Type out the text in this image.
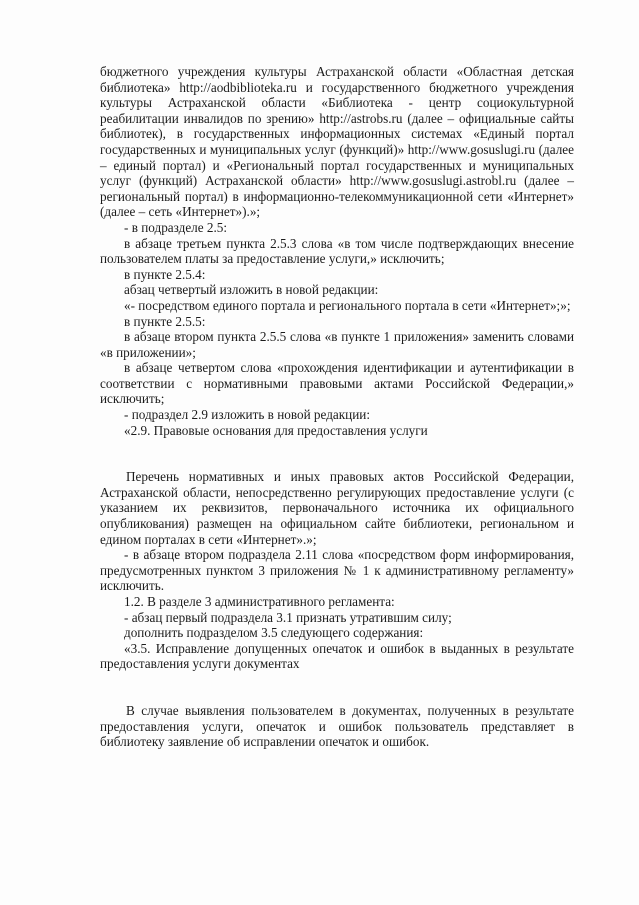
бюджетного учреждения культуры Астраханской области «Областная детская библиотека» http://aodbiblioteka.ru и государственного бюджетного учреждения культуры Астраханской области «Библиотека - центр социокультурной реабилитации инвалидов по зрению» http://astrobs.ru (далее – официальные сайты библиотек), в государственных информационных системах «Единый портал государственных и муниципальных услуг (функций)» http://www.gosuslugi.ru (далее – единый портал) и «Региональный портал государственных и муниципальных услуг (функций) Астраханской области» http://www.gosuslugi.astrobl.ru (далее – региональный портал) в информационно-телекоммуникационной сети «Интернет» (далее – сеть «Интернет»).»;

- в подразделе 2.5:

в абзаце третьем пункта 2.5.3 слова «в том числе подтверждающих внесение пользователем платы за предоставление услуги,» исключить;

в пункте 2.5.4:

абзац четвертый изложить в новой редакции:

«- посредством единого портала и регионального портала в сети «Интернет»;»;

в пункте 2.5.5:

в абзаце втором пункта 2.5.5 слова «в пункте 1 приложения» заменить словами «в приложении»;

в абзаце четвертом слова «прохождения идентификации и аутентификации в соответствии с нормативными правовыми актами Российской Федерации,» исключить;

- подраздел 2.9 изложить в новой редакции:

«2.9. Правовые основания для предоставления услуги

Перечень нормативных и иных правовых актов Российской Федерации, Астраханской области, непосредственно регулирующих предоставление услуги (с указанием их реквизитов, первоначального источника их официального опубликования) размещен на официальном сайте библиотеки, региональном и едином порталах в сети «Интернет».»;

- в абзаце втором подраздела 2.11 слова «посредством форм информирования, предусмотренных пунктом 3 приложения № 1 к административному регламенту» исключить.

1.2. В разделе 3 административного регламента:

- абзац первый подраздела 3.1 признать утратившим силу;

дополнить подразделом 3.5 следующего содержания:

«3.5. Исправление допущенных опечаток и ошибок в выданных в результате предоставления услуги документах

В случае выявления пользователем в документах, полученных в результате предоставления услуги, опечаток и ошибок пользователь представляет в библиотеку заявление об исправлении опечаток и ошибок.
